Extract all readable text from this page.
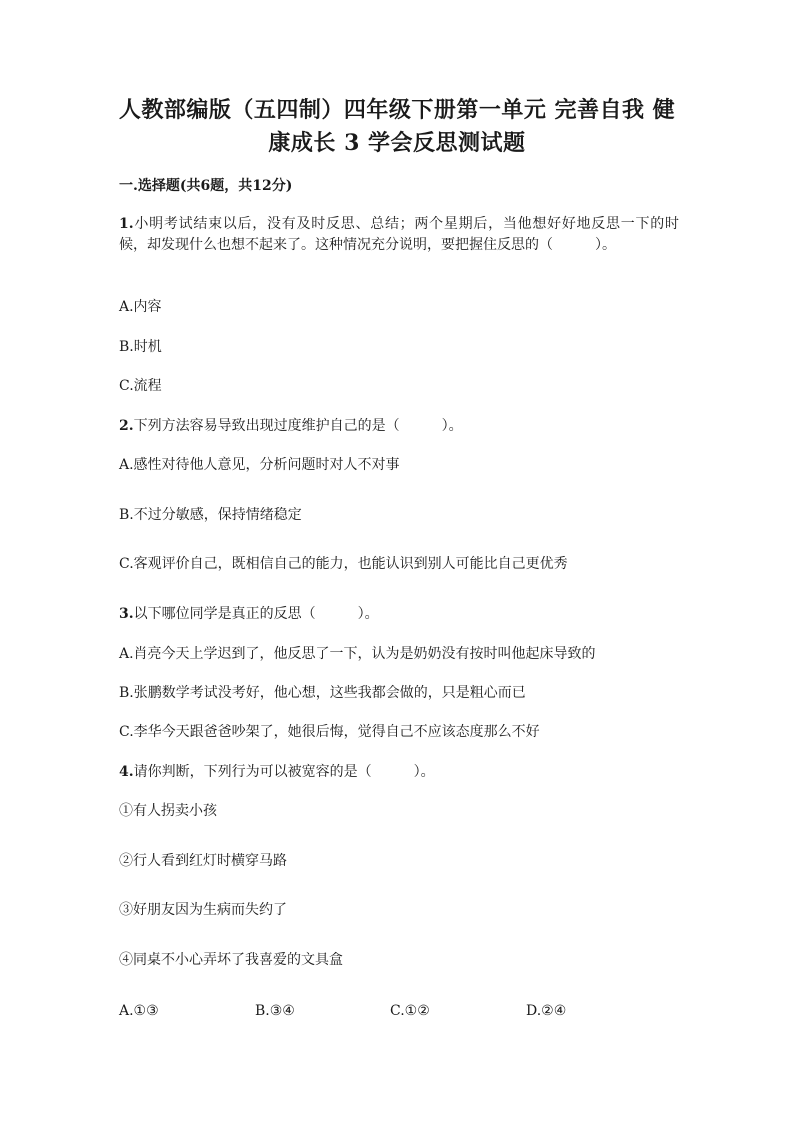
人教部编版（五四制）四年级下册第一单元 完善自我 健康成长 3 学会反思测试题
一.选择题(共6题，共12分)
1.小明考试结束以后，没有及时反思、总结；两个星期后，当他想好好地反思一下的时候，却发现什么也想不起来了。这种情况充分说明，要把握住反思的（　　　）。
A.内容
B.时机
C.流程
2.下列方法容易导致出现过度维护自己的是（　　　）。
A.感性对待他人意见，分析问题时对人不对事
B.不过分敏感，保持情绪稳定
C.客观评价自己，既相信自己的能力，也能认识到别人可能比自己更优秀
3.以下哪位同学是真正的反思（　　　）。
A.肖亮今天上学迟到了，他反思了一下，认为是奶奶没有按时叫他起床导致的
B.张鹏数学考试没考好，他心想，这些我都会做的，只是粗心而已
C.李华今天跟爸爸吵架了，她很后悔，觉得自己不应该态度那么不好
4.请你判断，下列行为可以被宽容的是（　　　）。
①有人拐卖小孩
②行人看到红灯时横穿马路
③好朋友因为生病而失约了
④同桌不小心弄坏了我喜爱的文具盒
A.①③	B.③④	C.①②	D.②④
